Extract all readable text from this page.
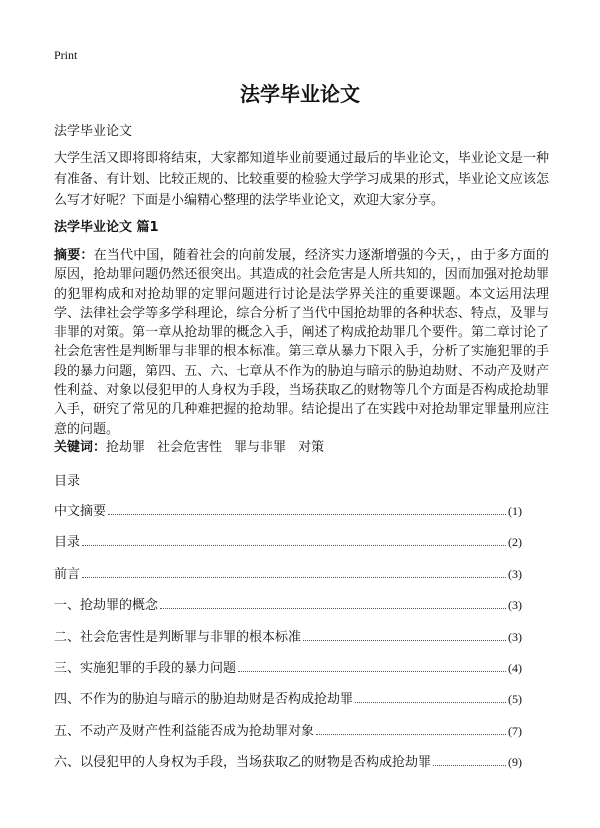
Print
法学毕业论文
法学毕业论文

大学生活又即将即将结束，大家都知道毕业前要通过最后的毕业论文，毕业论文是一种有准备、有计划、比较正规的、比较重要的检验大学学习成果的形式，毕业论文应该怎么写才好呢？下面是小编精心整理的法学毕业论文，欢迎大家分享。

法学毕业论文 篇1

摘要：在当代中国，随着社会的向前发展，经济实力逐渐增强的今天，，由于多方面的原因，抢劫罪问题仍然还很突出。其造成的社会危害是人所共知的，因而加强对抢劫罪的犯罪构成和对抢劫罪的定罪问题进行讨论是法学界关注的重要课题。本文运用法理学、法律社会学等多学科理论，综合分析了当代中国抢劫罪的各种状态、特点，及罪与非罪的对策。第一章从抢劫罪的概念入手，阐述了构成抢劫罪几个要件。第二章讨论了社会危害性是判断罪与非罪的根本标准。第三章从暴力下限入手，分析了实施犯罪的手段的暴力问题，第四、五、六、七章从不作为的胁迫与暗示的胁迫劫财、不动产及财产性利益、对象以侵犯甲的人身权为手段，当场获取乙的财物等几个方面是否构成抢劫罪入手，研究了常见的几种难把握的抢劫罪。结论提出了在实践中对抢劫罪定罪量刑应注意的问题。

关键词：抢劫罪 社会危害性 罪与非罪 对策
目录
中文摘要	(1)
目录	(2)
前言	(3)
一、抢劫罪的概念	(3)
二、社会危害性是判断罪与非罪的根本标准	(3)
三、实施犯罪的手段的暴力问题	(4)
四、不作为的胁迫与暗示的胁迫劫财是否构成抢劫罪	(5)
五、不动产及财产性利益能否成为抢劫罪对象	(7)
六、以侵犯甲的人身权为手段，当场获取乙的财物是否构成抢劫罪	(9)
